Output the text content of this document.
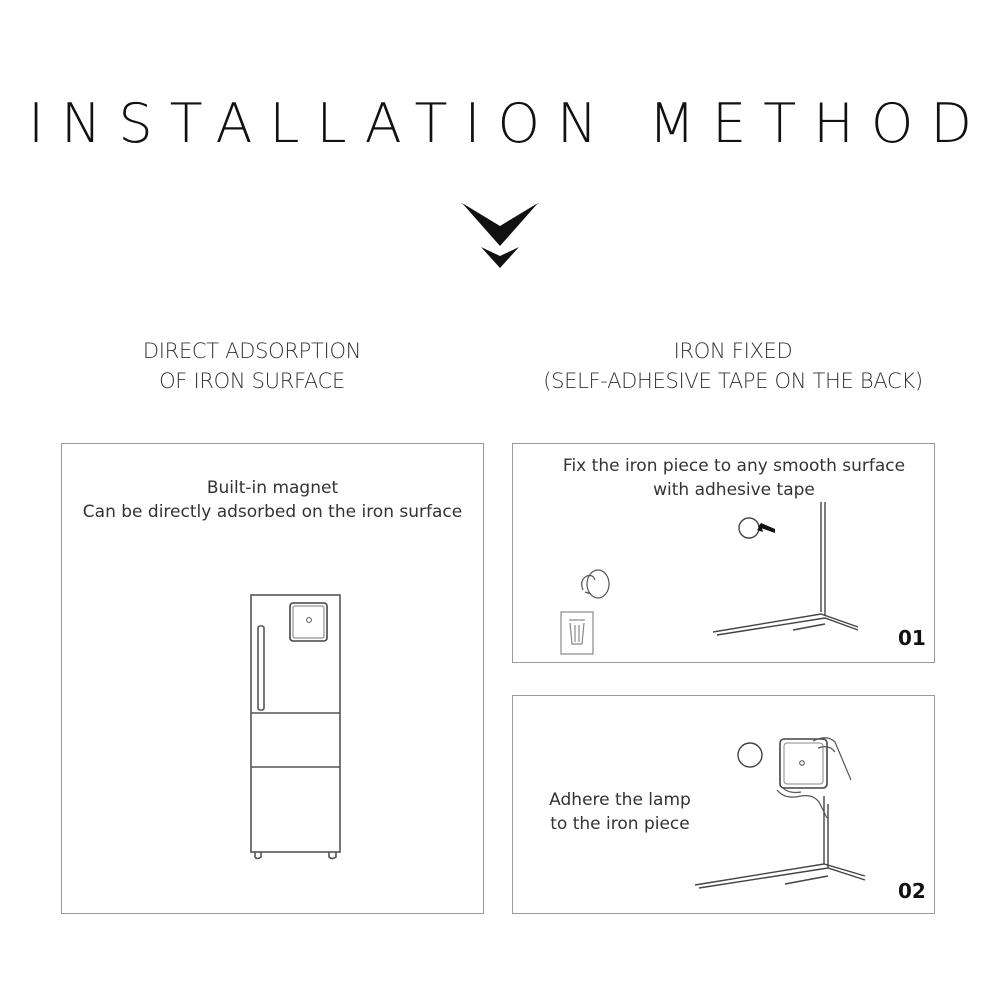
INSTALLATION METHOD
DIRECT ADSORPTION
OF IRON SURFACE
IRON FIXED
(SELF-ADHESIVE TAPE ON THE BACK)
Built-in magnet
Can be directly adsorbed on the iron surface
Fix the iron piece to any smooth surface
with adhesive tape
01
Adhere the lamp
to the iron piece
02
